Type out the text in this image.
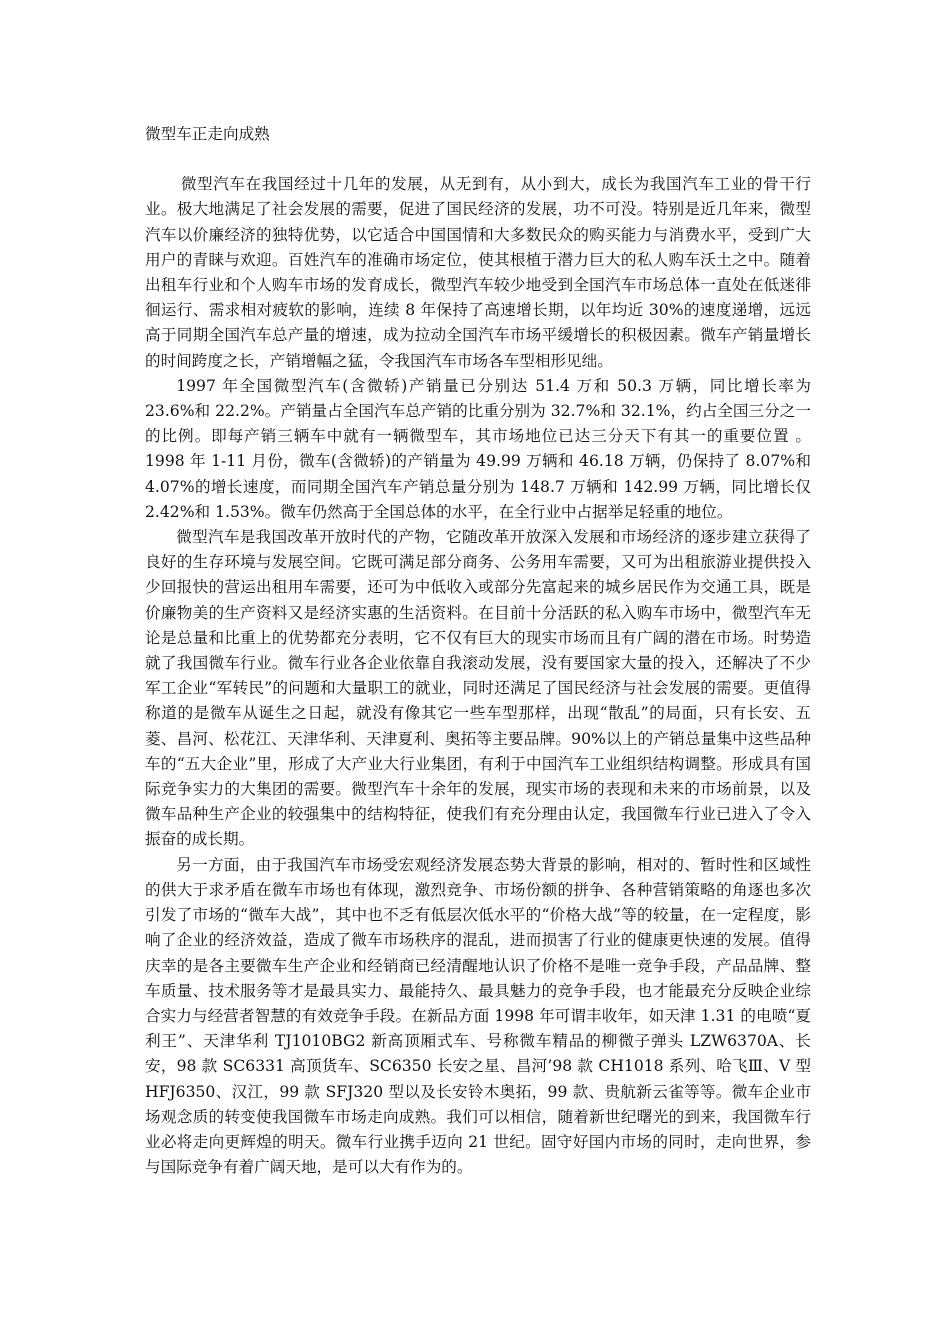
微型车正走向成熟

微型汽车在我国经过十几年的发展，从无到有，从小到大，成长为我国汽车工业的骨干行业。极大地满足了社会发展的需要，促进了国民经济的发展，功不可没。特别是近几年来，微型汽车以价廉经济的独特优势，以它适合中国国情和大多数民众的购买能力与消费水平，受到广大用户的青睐与欢迎。百姓汽车的准确市场定位，使其根植于潜力巨大的私人购车沃土之中。随着出租车行业和个人购车市场的发育成长，微型汽车较少地受到全国汽车市场总体一直处在低迷徘徊运行、需求相对疲软的影响，连续 8 年保持了高速增长期，以年均近 30%的速度递增，远远高于同期全国汽车总产量的增速，成为拉动全国汽车市场平缓增长的积极因素。微车产销量增长的时间跨度之长，产销增幅之猛，令我国汽车市场各车型相形见绌。

1997 年全国微型汽车(含微轿)产销量已分别达 51.4 万和 50.3 万辆，同比增长率为 23.6%和 22.2%。产销量占全国汽车总产销的比重分别为 32.7%和 32.1%，约占全国三分之一的比例。即每产销三辆车中就有一辆微型车，其市场地位已达三分天下有其一的重要位置 。1998 年 1-11 月份，微车(含微轿)的产销量为 49.99 万辆和 46.18 万辆，仍保持了 8.07%和 4.07%的增长速度，而同期全国汽车产销总量分别为 148.7 万辆和 142.99 万辆，同比增长仅 2.42%和 1.53%。微车仍然高于全国总体的水平，在全行业中占据举足轻重的地位。

微型汽车是我国改革开放时代的产物，它随改革开放深入发展和市场经济的逐步建立获得了良好的生存环境与发展空间。它既可满足部分商务、公务用车需要，又可为出租旅游业提供投入少回报快的营运出租用车需要，还可为中低收入或部分先富起来的城乡居民作为交通工具，既是价廉物美的生产资料又是经济实惠的生活资料。在目前十分活跃的私入购车市场中，微型汽车无论是总量和比重上的优势都充分表明，它不仅有巨大的现实市场而且有广阔的潜在市场。时势造就了我国微车行业。微车行业各企业依靠自我滚动发展，没有要国家大量的投入，还解决了不少军工企业“军转民”的问题和大量职工的就业，同时还满足了国民经济与社会发展的需要。更值得称道的是微车从诞生之日起，就没有像其它一些车型那样，出现“散乱”的局面，只有长安、五菱、昌河、松花江、天津华利、天津夏利、奥拓等主要品牌。90%以上的产销总量集中这些品种车的“五大企业”里，形成了大产业大行业集团，有利于中国汽车工业组织结构调整。形成具有国际竞争实力的大集团的需要。微型汽车十余年的发展，现实市场的表现和未来的市场前景，以及微车品种生产企业的较强集中的结构特征，使我们有充分理由认定，我国微车行业已进入了令入振奋的成长期。

另一方面，由于我国汽车市场受宏观经济发展态势大背景的影响，相对的、暂时性和区域性的供大于求矛盾在微车市场也有体现，激烈竞争、市场份额的拼争、各种营销策略的角逐也多次引发了市场的“微车大战”，其中也不乏有低层次低水平的“价格大战”等的较量，在一定程度，影响了企业的经济效益，造成了微车市场秩序的混乱，进而损害了行业的健康更快速的发展。值得庆幸的是各主要微车生产企业和经销商已经清醒地认识了价格不是唯一竞争手段，产品品牌、整车质量、技术服务等才是最具实力、最能持久、最具魅力的竞争手段，也才能最充分反映企业综合实力与经营者智慧的有效竞争手段。在新品方面 1998 年可谓丰收年，如天津 1.31 的电喷“夏利王”、天津华利 TJ1010BG2 新高顶厢式车、号称微车精品的柳微子弹头 LZW6370A、长安，98 款 SC6331 高顶货车、SC6350 长安之星、昌河’98 款 CH1018 系列、哈飞Ⅲ、V 型 HFJ6350、汉江，99 款 SFJ320 型以及长安铃木奥拓，99 款、贵航新云雀等等。微车企业市场观念质的转变使我国微车市场走向成熟。我们可以相信，随着新世纪曙光的到来，我国微车行业必将走向更辉煌的明天。微车行业携手迈向 21 世纪。固守好国内市场的同时，走向世界，参与国际竞争有着广阔天地，是可以大有作为的。
